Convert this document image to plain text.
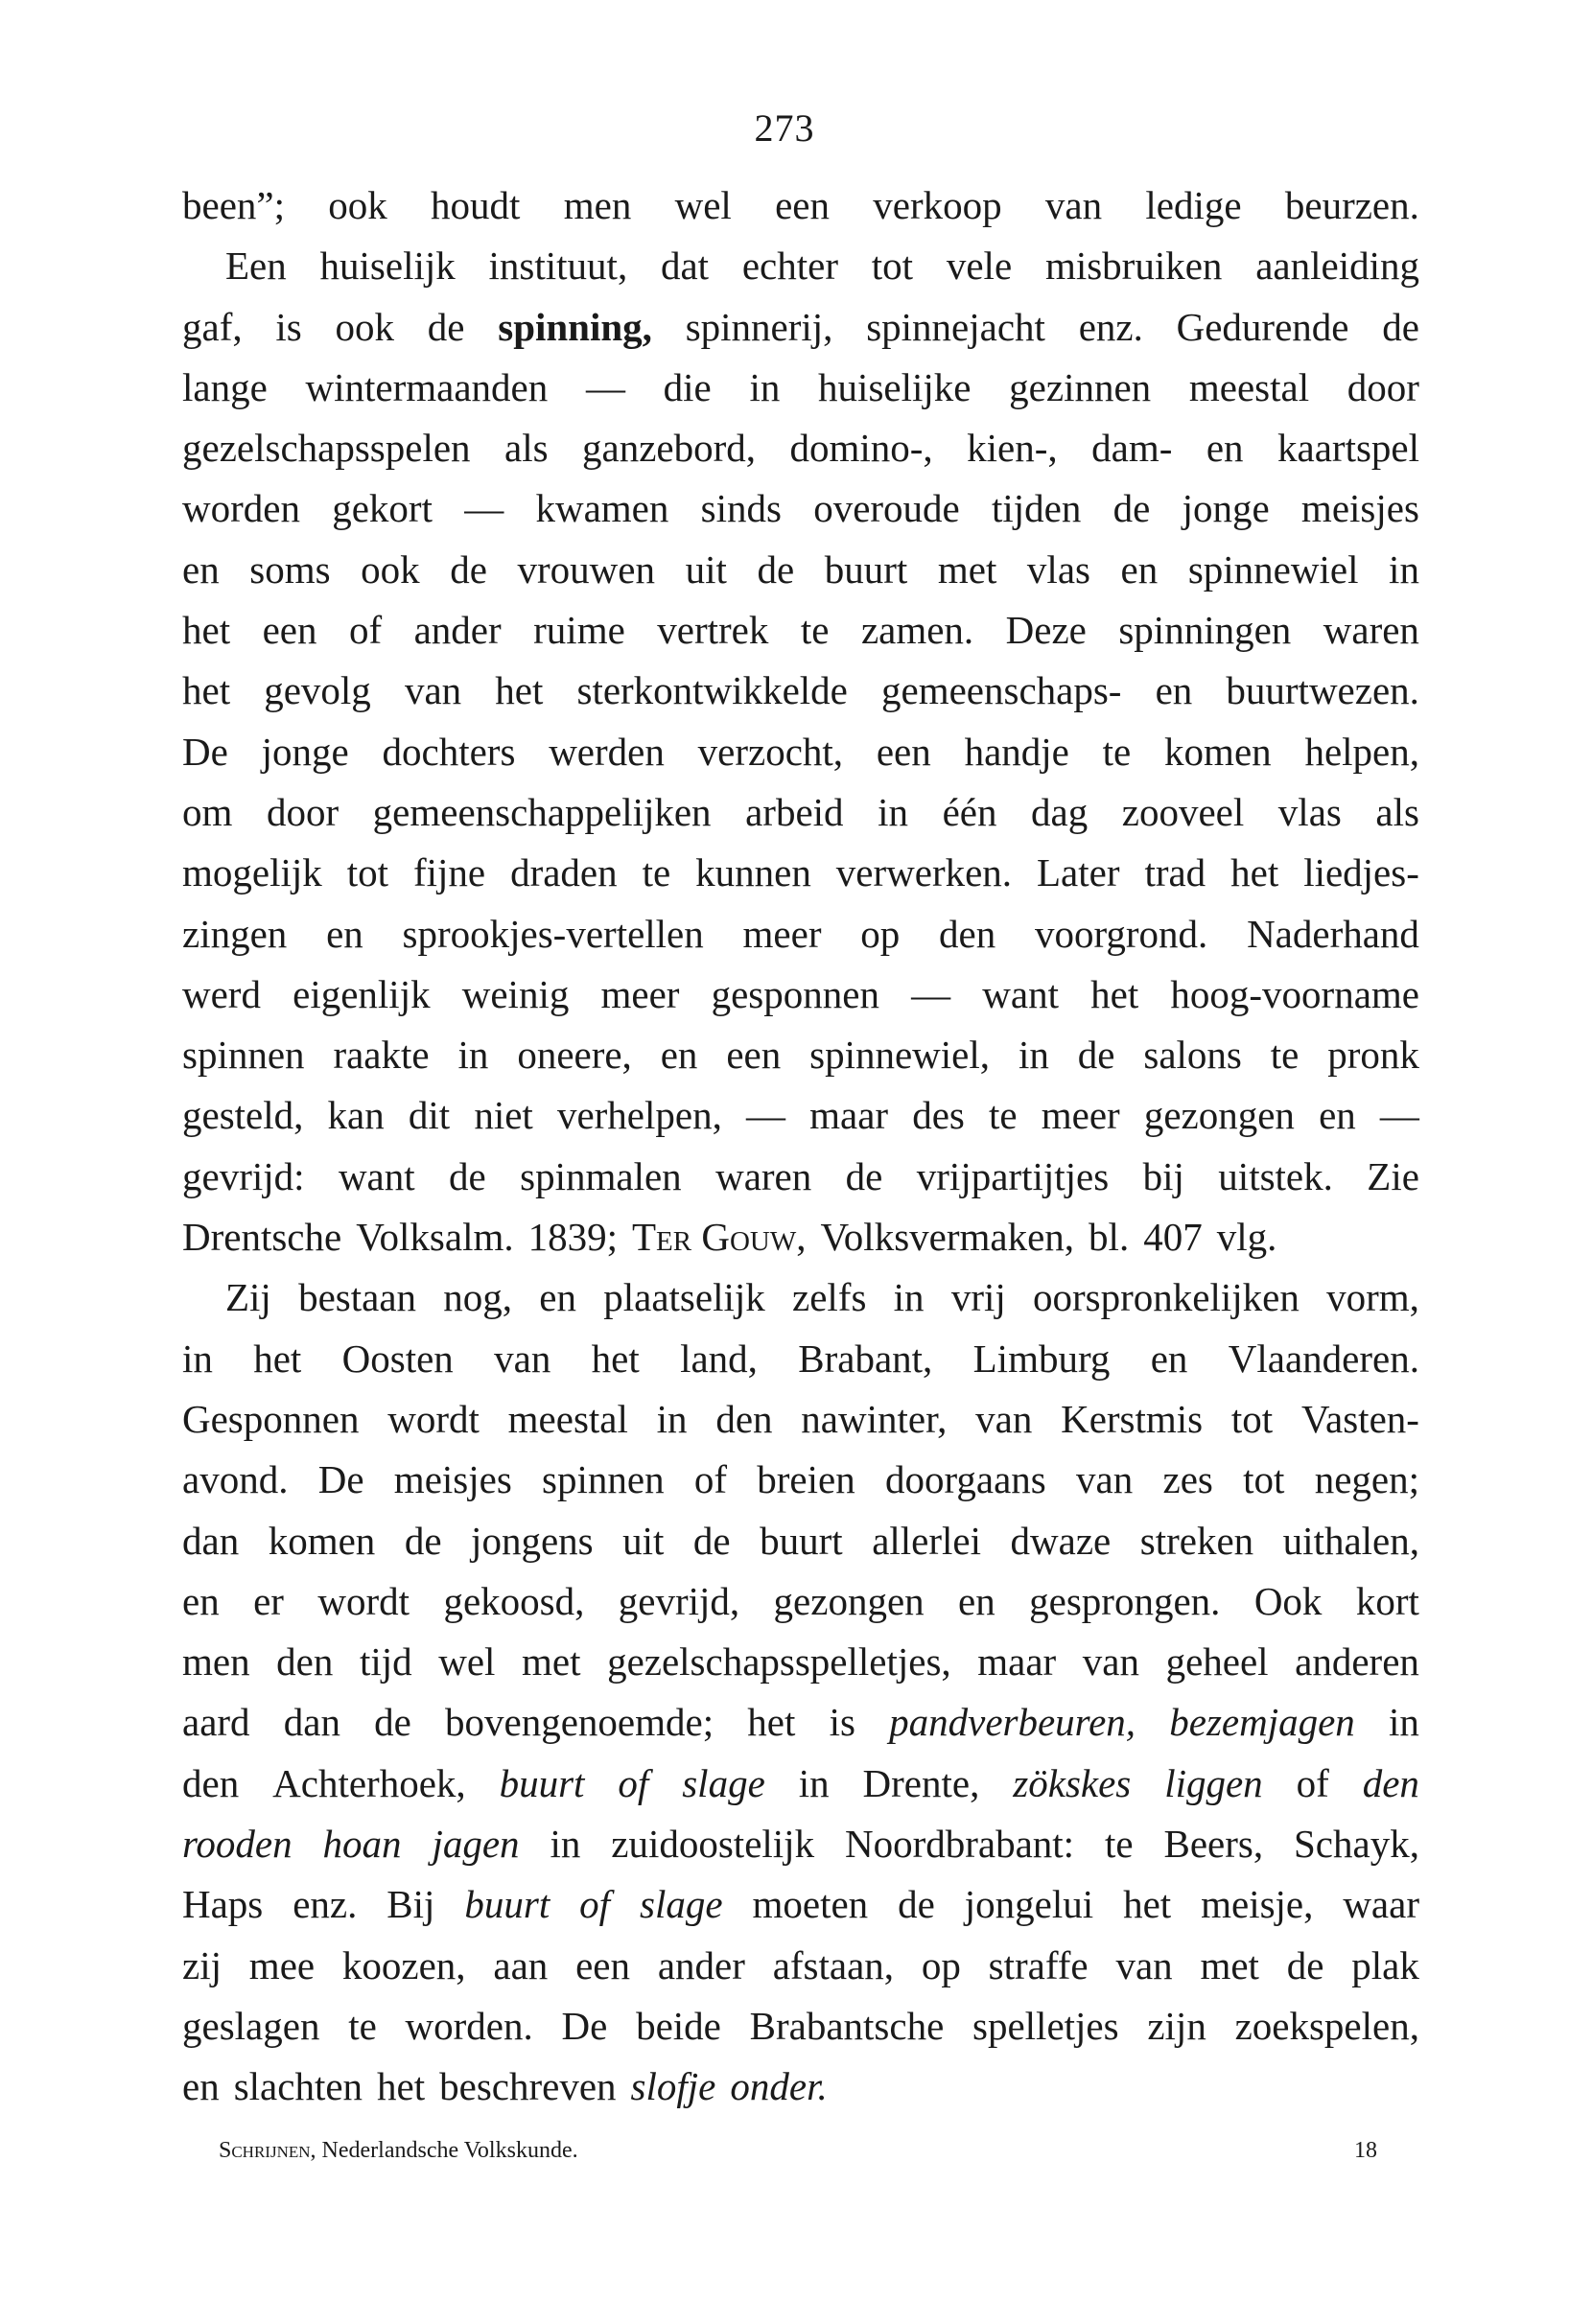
273
been”; ook houdt men wel een verkoop van ledige beurzen.
Een huiselijk instituut, dat echter tot vele misbruiken aanleiding
gaf, is ook de spinning, spinnerij, spinnejacht enz. Gedurende de
lange wintermaanden — die in huiselijke gezinnen meestal door
gezelschapsspelen als ganzebord, domino-, kien-, dam- en kaartspel
worden gekort — kwamen sinds overoude tijden de jonge meisjes
en soms ook de vrouwen uit de buurt met vlas en spinnewiel in
het een of ander ruime vertrek te zamen. Deze spinningen waren
het gevolg van het sterkontwikkelde gemeenschaps- en buurtwezen.
De jonge dochters werden verzocht, een handje te komen helpen,
om door gemeenschappelijken arbeid in één dag zooveel vlas als
mogelijk tot fijne draden te kunnen verwerken. Later trad het liedjes-
zingen en sprookjes-vertellen meer op den voorgrond. Naderhand
werd eigenlijk weinig meer gesponnen — want het hoog-voorname
spinnen raakte in oneere, en een spinnewiel, in de salons te pronk
gesteld, kan dit niet verhelpen, — maar des te meer gezongen en —
gevrijd: want de spinmalen waren de vrijpartijtjes bij uitstek. Zie
Drentsche Volksalm. 1839; Ter Gouw, Volksvermaken, bl. 407 vlg.
Zij bestaan nog, en plaatselijk zelfs in vrij oorspronkelijken vorm,
in het Oosten van het land, Brabant, Limburg en Vlaanderen.
Gesponnen wordt meestal in den nawinter, van Kerstmis tot Vasten-
avond. De meisjes spinnen of breien doorgaans van zes tot negen;
dan komen de jongens uit de buurt allerlei dwaze streken uithalen,
en er wordt gekoosd, gevrijd, gezongen en gesprongen. Ook kort
men den tijd wel met gezelschapsspelletjes, maar van geheel anderen
aard dan de bovengenoemde; het is pandverbeuren, bezemjagen in
den Achterhoek, buurt of slage in Drente, zökskes liggen of den
rooden hoan jagen in zuidoostelijk Noordbrabant: te Beers, Schayk,
Haps enz. Bij buurt of slage moeten de jongelui het meisje, waar
zij mee koozen, aan een ander afstaan, op straffe van met de plak
geslagen te worden. De beide Brabantsche spelletjes zijn zoekspelen,
en slachten het beschreven slofje onder.
Schrijnen, Nederlandsche Volkskunde.	18
